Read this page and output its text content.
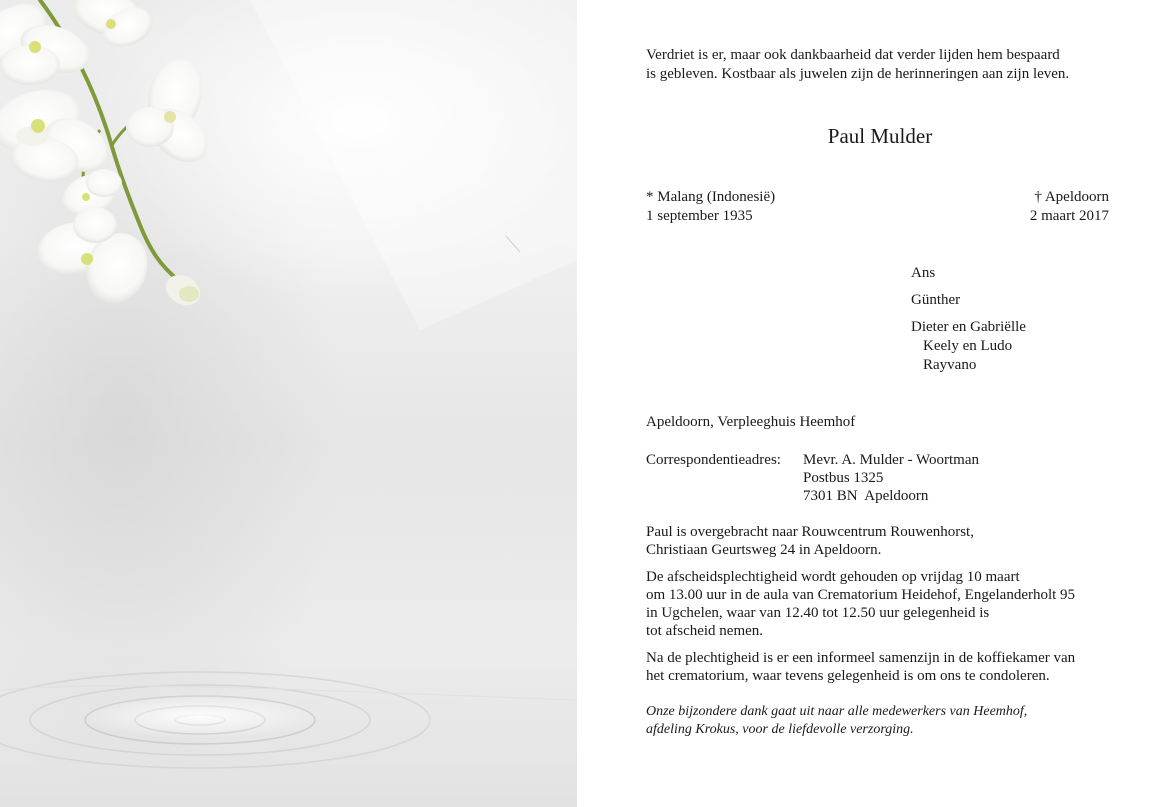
Verdriet is er, maar ook dankbaarheid dat verder lijden hem bespaard

is gebleven. Kostbaar als juwelen zijn de herinneringen aan zijn leven.

Paul Mulder

* Malang (Indonesië)

1 september 1935

† Apeldoorn

2 maart 2017

Ans

Günther

Dieter en Gabriëlle

Keely en Ludo

Rayvano

Apeldoorn, Verpleeghuis Heemhof

Correspondentieadres: Mevr. A. Mulder - Woortman

Postbus 1325

7301 BN  Apeldoorn

Paul is overgebracht naar Rouwcentrum Rouwenhorst,

Christiaan Geurtsweg 24 in Apeldoorn.

De afscheidsplechtigheid wordt gehouden op vrijdag 10 maart

om 13.00 uur in de aula van Crematorium Heidehof, Engelanderholt 95

in Ugchelen, waar van 12.40 tot 12.50 uur gelegenheid is

tot afscheid nemen.

Na de plechtigheid is er een informeel samenzijn in de koffiekamer van

het crematorium, waar tevens gelegenheid is om ons te condoleren.

Onze bijzondere dank gaat uit naar alle medewerkers van Heemhof,

afdeling Krokus, voor de liefdevolle verzorging.
